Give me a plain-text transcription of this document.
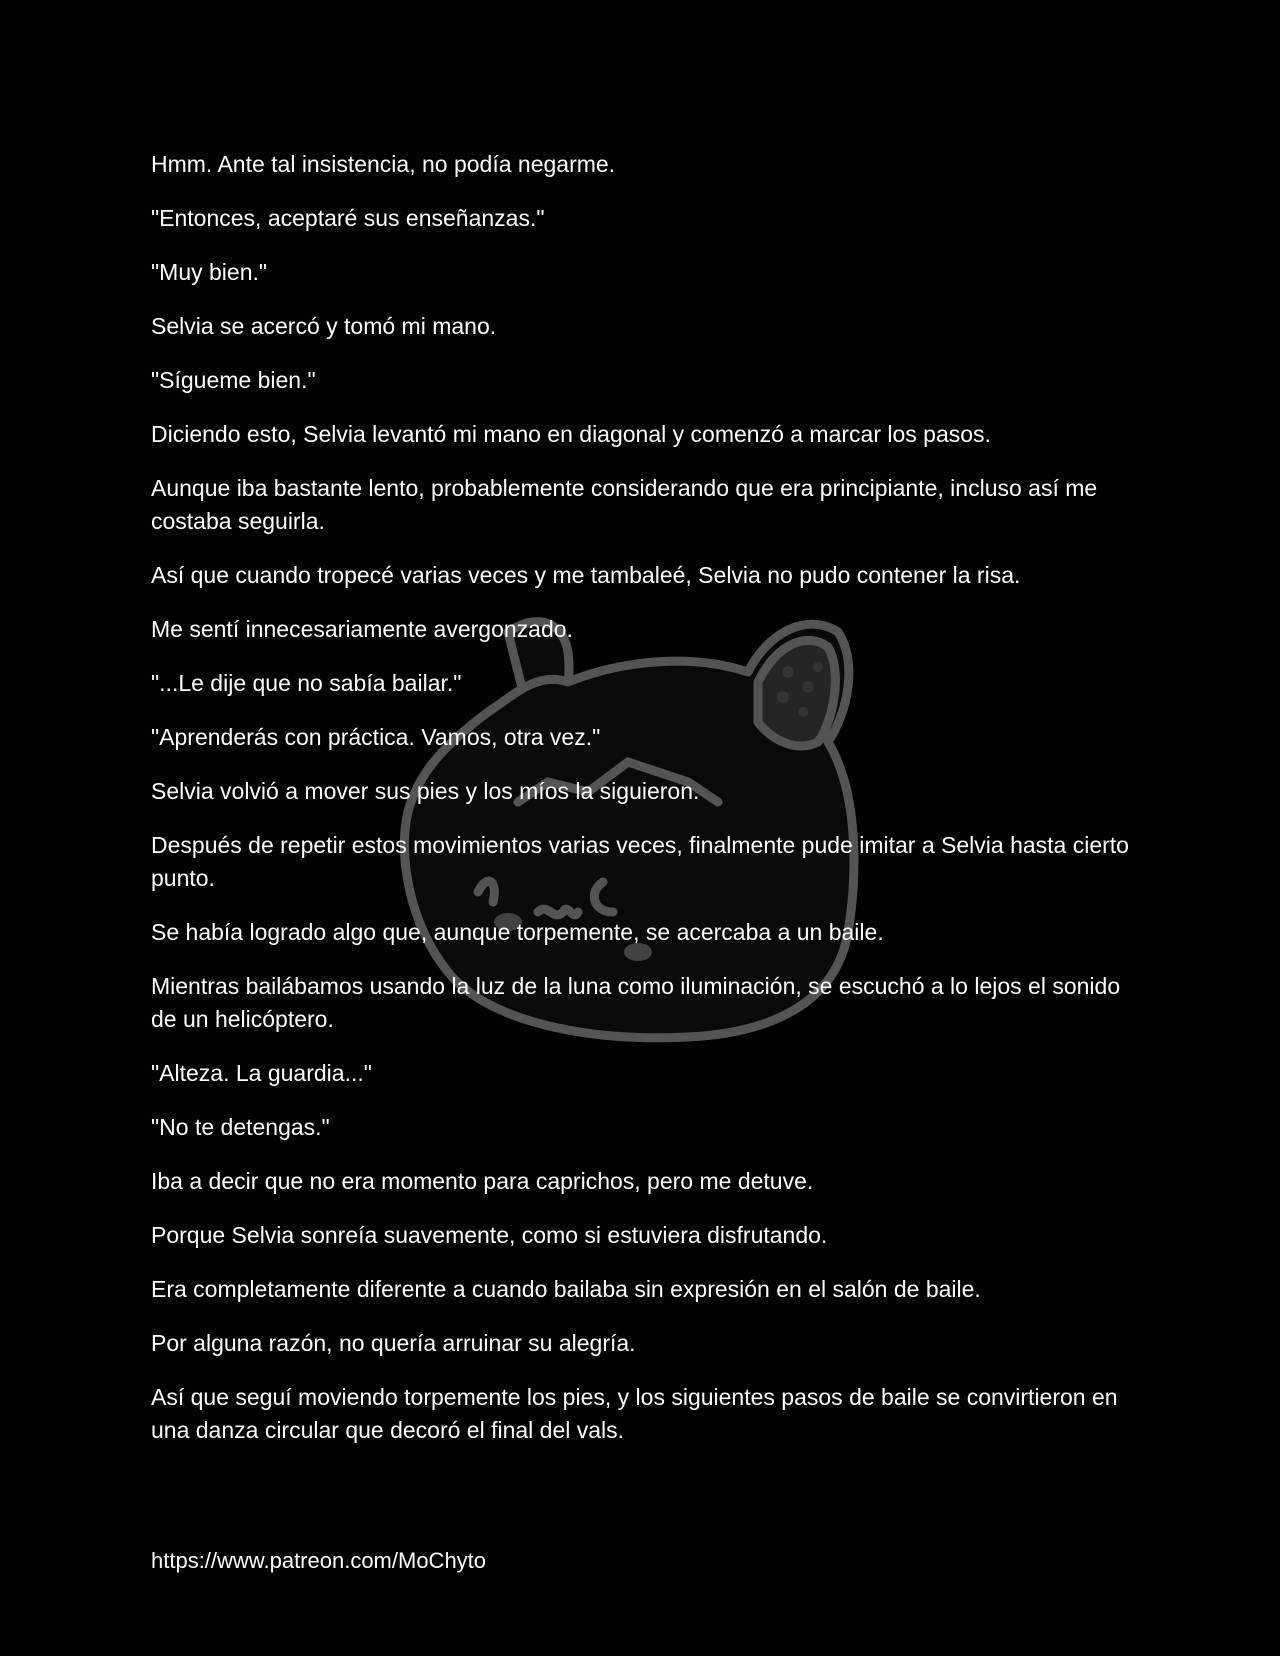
Hmm. Ante tal insistencia, no podía negarme.

"Entonces, aceptaré sus enseñanzas."

"Muy bien."

Selvia se acercó y tomó mi mano.

"Sígueme bien."

Diciendo esto, Selvia levantó mi mano en diagonal y comenzó a marcar los pasos.

Aunque iba bastante lento, probablemente considerando que era principiante, incluso así me costaba seguirla.

Así que cuando tropecé varias veces y me tambaleé, Selvia no pudo contener la risa.

Me sentí innecesariamente avergonzado.

"...Le dije que no sabía bailar."

"Aprenderás con práctica. Vamos, otra vez."

Selvia volvió a mover sus pies y los míos la siguieron.

Después de repetir estos movimientos varias veces, finalmente pude imitar a Selvia hasta cierto punto.

Se había logrado algo que, aunque torpemente, se acercaba a un baile.

Mientras bailábamos usando la luz de la luna como iluminación, se escuchó a lo lejos el sonido de un helicóptero.

"Alteza. La guardia..."

"No te detengas."

Iba a decir que no era momento para caprichos, pero me detuve.

Porque Selvia sonreía suavemente, como si estuviera disfrutando.

Era completamente diferente a cuando bailaba sin expresión en el salón de baile.

Por alguna razón, no quería arruinar su alegría.

Así que seguí moviendo torpemente los pies, y los siguientes pasos de baile se convirtieron en una danza circular que decoró el final del vals.

https://www.patreon.com/MoChyto
